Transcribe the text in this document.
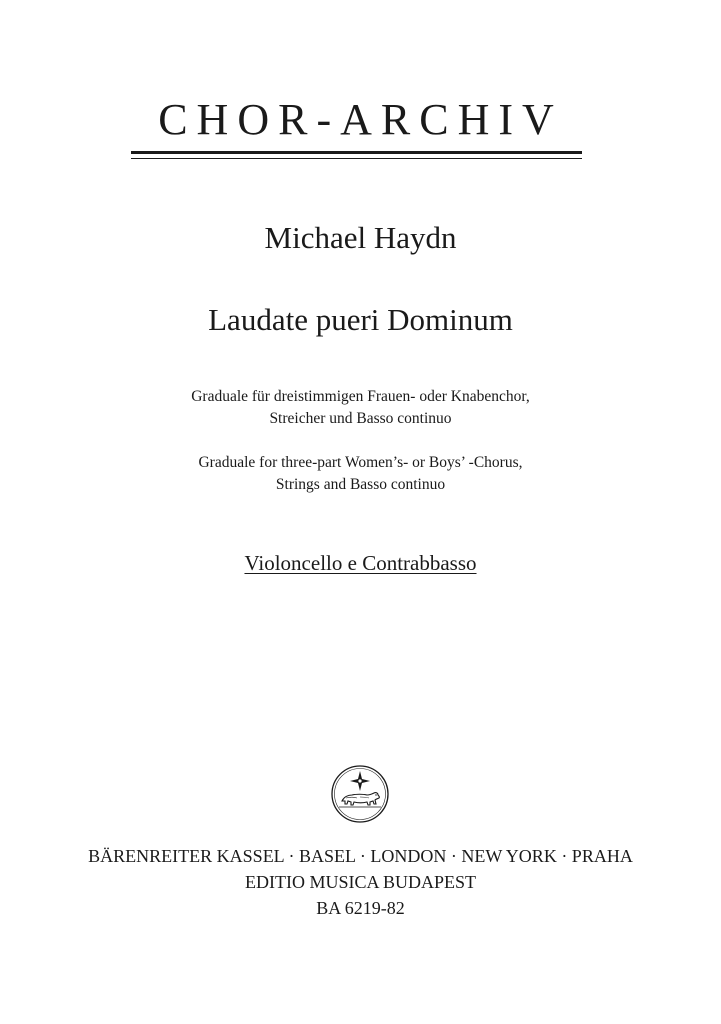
CHOR-ARCHIV
Michael Haydn
Laudate pueri Dominum
Graduale für dreistimmigen Frauen- oder Knabenchor,
Streicher und Basso continuo
Graduale for three-part Women’s- or Boys’ -Chorus,
Strings and Basso continuo
Violoncello e Contrabbasso
BÄRENREITER KASSEL · BASEL · LONDON · NEW YORK · PRAHA
EDITIO MUSICA BUDAPEST
BA 6219-82
